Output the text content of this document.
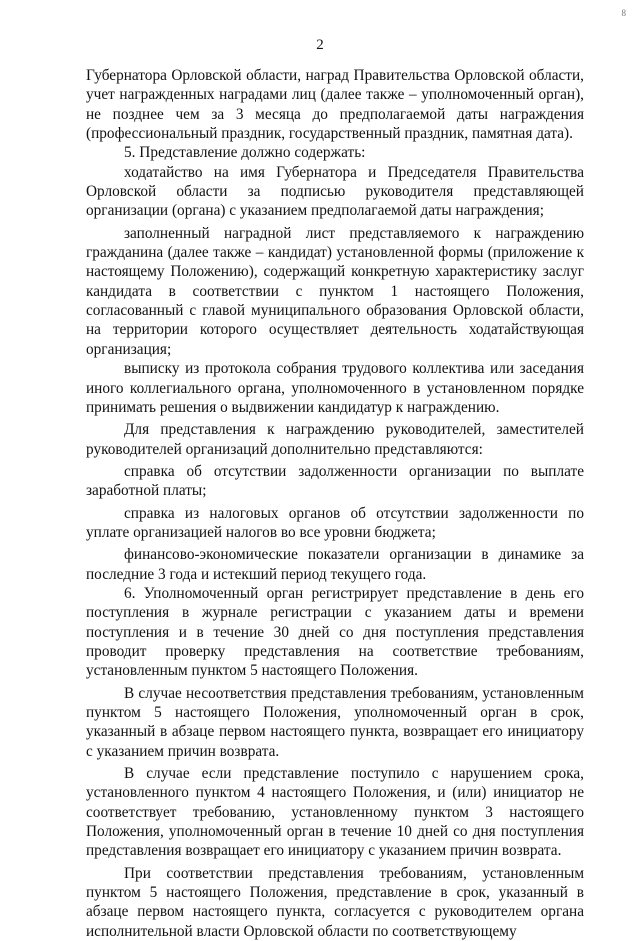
8
2

Губернатора Орловской области, наград Правительства Орловской области, учет награжденных наградами лиц (далее также – уполномоченный орган), не позднее чем за 3 месяца до предполагаемой даты награждения (профессиональный праздник, государственный праздник, памятная дата).

5. Представление должно содержать:

ходатайство на имя Губернатора и Председателя Правительства Орловской области за подписью руководителя представляющей организации (органа) с указанием предполагаемой даты награждения;

заполненный наградной лист представляемого к награждению гражданина (далее также – кандидат) установленной формы (приложение к настоящему Положению), содержащий конкретную характеристику заслуг кандидата в соответствии с пунктом 1 настоящего Положения, согласованный с главой муниципального образования Орловской области, на территории которого осуществляет деятельность ходатайствующая организация;

выписку из протокола собрания трудового коллектива или заседания иного коллегиального органа, уполномоченного в установленном порядке принимать решения о выдвижении кандидатур к награждению.

Для представления к награждению руководителей, заместителей руководителей организаций дополнительно представляются:

справка об отсутствии задолженности организации по выплате заработной платы;

справка из налоговых органов об отсутствии задолженности по уплате организацией налогов во все уровни бюджета;

финансово-экономические показатели организации в динамике за последние 3 года и истекший период текущего года.

6. Уполномоченный орган регистрирует представление в день его поступления в журнале регистрации с указанием даты и времени поступления и в течение 30 дней со дня поступления представления проводит проверку представления на соответствие требованиям, установленным пунктом 5 настоящего Положения.

В случае несоответствия представления требованиям, установленным пунктом 5 настоящего Положения, уполномоченный орган в срок, указанный в абзаце первом настоящего пункта, возвращает его инициатору с указанием причин возврата.

В случае если представление поступило с нарушением срока, установленного пунктом 4 настоящего Положения, и (или) инициатор не соответствует требованию, установленному пунктом 3 настоящего Положения, уполномоченный орган в течение 10 дней со дня поступления представления возвращает его инициатору с указанием причин возврата.

При соответствии представления требованиям, установленным пунктом 5 настоящего Положения, представление в срок, указанный в абзаце первом настоящего пункта, согласуется с руководителем органа исполнительной власти Орловской области по соответствующему
